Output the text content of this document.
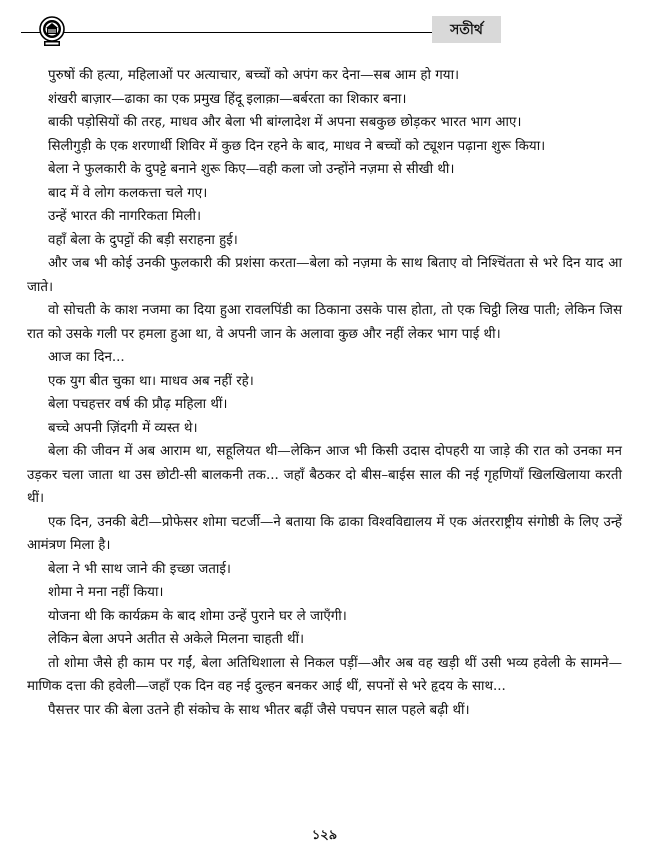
সতীর্থ

पुरुषों की हत्या, महिलाओं पर अत्याचार, बच्चों को अपंग कर देना—सब आम हो गया।

शंखरी बाज़ार—ढाका का एक प्रमुख हिंदू इलाक़ा—बर्बरता का शिकार बना।

बाकी पड़ोसियों की तरह, माधव और बेला भी बांग्लादेश में अपना सबकुछ छोड़कर भारत भाग आए।

सिलीगुड़ी के एक शरणार्थी शिविर में कुछ दिन रहने के बाद, माधव ने बच्चों को ट्यूशन पढ़ाना शुरू किया।

बेला ने फुलकारी के दुपट्टे बनाने शुरू किए—वही कला जो उन्होंने नज़मा से सीखी थी।

बाद में वे लोग कलकत्ता चले गए।

उन्हें भारत की नागरिकता मिली।

वहाँ बेला के दुपट्टों की बड़ी सराहना हुई।

और जब भी कोई उनकी फुलकारी की प्रशंसा करता—बेला को नज़मा के साथ बिताए वो निश्चिंतता से भरे दिन याद आ जाते।

वो सोचती के काश नजमा का दिया हुआ रावलपिंडी का ठिकाना उसके पास होता, तो एक चिट्ठी लिख पाती; लेकिन जिस रात को उसके गली पर हमला हुआ था, वे अपनी जान के अलावा कुछ और नहीं लेकर भाग पाई थी।

आज का दिन...

एक युग बीत चुका था। माधव अब नहीं रहे।

बेला पचहत्तर वर्ष की प्रौढ़ महिला थीं।

बच्चे अपनी ज़िंदगी में व्यस्त थे।

बेला की जीवन में अब आराम था, सहूलियत थी—लेकिन आज भी किसी उदास दोपहरी या जाड़े की रात को उनका मन उड़कर चला जाता था उस छोटी-सी बालकनी तक... जहाँ बैठकर दो बीस–बाईस साल की नई गृहणियाँ खिलखिलाया करती थीं।

एक दिन, उनकी बेटी—प्रोफेसर शोमा चटर्जी—ने बताया कि ढाका विश्वविद्यालय में एक अंतरराष्ट्रीय संगोष्ठी के लिए उन्हें आमंत्रण मिला है।

बेला ने भी साथ जाने की इच्छा जताई।

शोमा ने मना नहीं किया।

योजना थी कि कार्यक्रम के बाद शोमा उन्हें पुराने घर ले जाएँगी।

लेकिन बेला अपने अतीत से अकेले मिलना चाहती थीं।

तो शोमा जैसे ही काम पर गईं, बेला अतिथिशाला से निकल पड़ीं—और अब वह खड़ी थीं उसी भव्य हवेली के सामने—माणिक दत्ता की हवेली—जहाँ एक दिन वह नई दुल्हन बनकर आई थीं, सपनों से भरे हृदय के साथ...

पैसत्तर पार की बेला उतने ही संकोच के साथ भीतर बढ़ीं जैसे पचपन साल पहले बढ़ी थीं।

১২৯
